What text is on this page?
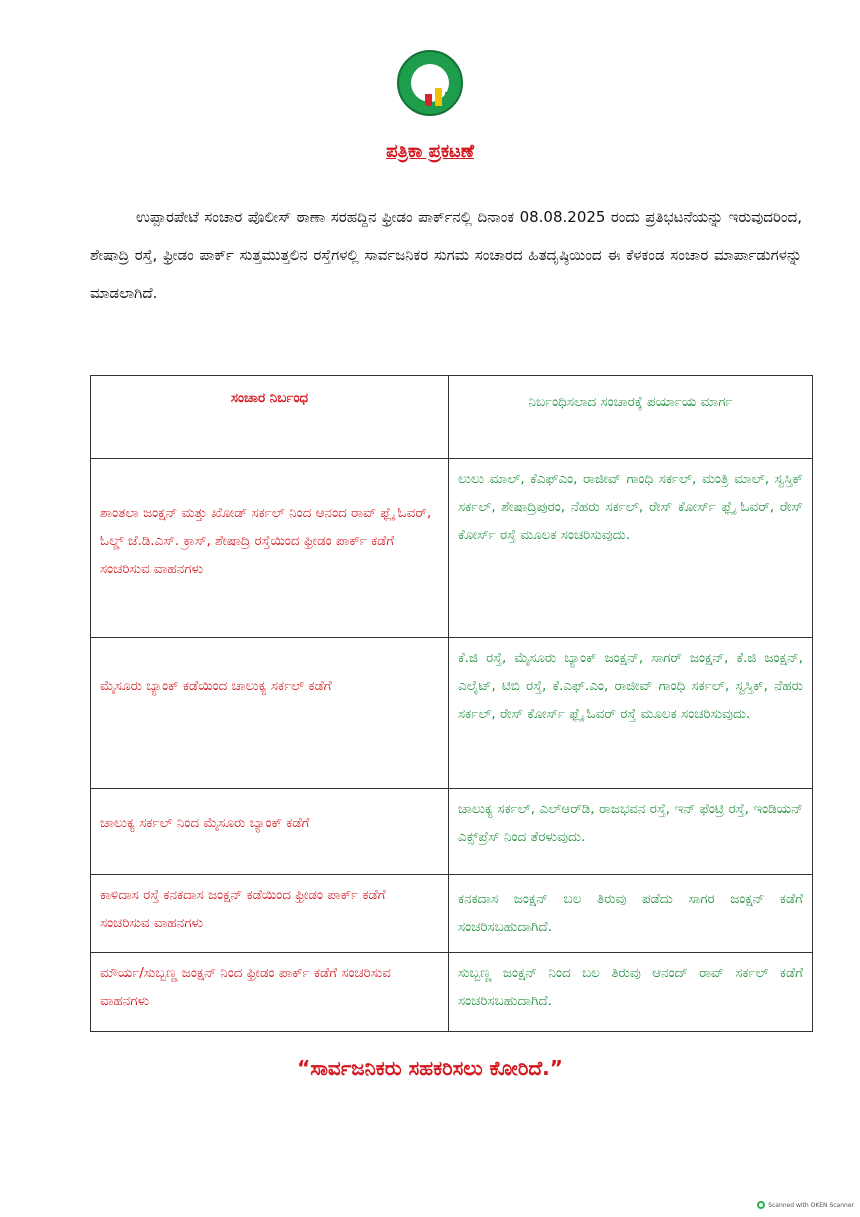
ಪತ್ರಿಕಾ ಪ್ರಕಟಣೆ

ಉಪ್ಪಾರಪೇಟೆ ಸಂಚಾರ ಪೊಲೀಸ್ ಠಾಣಾ ಸರಹದ್ದಿನ ಫ್ರೀಡಂ ಪಾರ್ಕ್‌ನಲ್ಲಿ ದಿನಾಂಕ 08.08.2025 ರಂದು ಪ್ರತಿಭಟನೆಯನ್ನು ಇರುವುದರಿಂದ, ಶೇಷಾದ್ರಿ ರಸ್ತೆ, ಫ್ರೀಡಂ ಪಾರ್ಕ್ ಸುತ್ತಮುತ್ತಲಿನ ರಸ್ತೆಗಳಲ್ಲಿ ಸಾರ್ವಜನಿಕರ ಸುಗಮ ಸಂಚಾರದ ಹಿತದೃಷ್ಠಿಯಿಂದ ಈ ಕೆಳಕಂಡ ಸಂಚಾರ ಮಾರ್ಪಾಡುಗಳನ್ನು ಮಾಡಲಾಗಿದೆ.

ಸಂಚಾರ ನಿರ್ಬಂಧ	ನಿರ್ಬಂಧಿಸಲಾದ ಸಂಚಾರಕ್ಕೆ ಪರ್ಯಾಯ ಮಾರ್ಗ
ಶಾಂತಲಾ ಜಂಕ್ಷನ್ ಮತ್ತು ಖೋಡ್ ಸರ್ಕಲ್ ನಿಂದ ಆನಂದ ರಾವ್ ಫ್ಲೈ ಓವರ್, ಓಲ್ಡ್ ಜೆ.ಡಿ.ಎಸ್. ಕ್ರಾಸ್, ಶೇಷಾದ್ರಿ ರಸ್ತೆಯಿಂದ ಫ್ರೀಡಂ ಪಾರ್ಕ್ ಕಡೆಗೆ ಸಂಚರಿಸುವ ವಾಹನಗಳು	ಲುಲು ಮಾಲ್, ಕೆಎಫ್‌ಎಂ, ರಾಜೀವ್ ಗಾಂಧಿ ಸರ್ಕಲ್, ಮಂತ್ರಿ ಮಾಲ್, ಸ್ವಸ್ತಿಕ್ ಸರ್ಕಲ್, ಶೇಷಾದ್ರಿಪುರಂ, ನೆಹರು ಸರ್ಕಲ್, ರೇಸ್ ಕೋರ್ಸ್ ಫ್ಲೈ ಓವರ್, ರೇಸ್ ಕೋರ್ಸ್ ರಸ್ತೆ ಮೂಲಕ ಸಂಚರಿಸುವುದು.
ಮೈಸೂರು ಬ್ಯಾಂಕ್ ಕಡೆಯಿಂದ ಚಾಲುಕ್ಯ ಸರ್ಕಲ್ ಕಡೆಗೆ	ಕೆ.ಜಿ ರಸ್ತೆ, ಮೈಸೂರು ಬ್ಯಾಂಕ್ ಜಂಕ್ಷನ್, ಸಾಗರ್ ಜಂಕ್ಷನ್, ಕೆ.ಜಿ ಜಂಕ್ಷನ್, ಎಲೈಟ್, ಟಿಬಿ ರಸ್ತೆ, ಕೆ.ಎಫ್.ಎಂ, ರಾಜೀವ್ ಗಾಂಧಿ ಸರ್ಕಲ್, ಸ್ವಸ್ತಿಕ್, ನೆಹರು ಸರ್ಕಲ್, ರೇಸ್ ಕೋರ್ಸ್ ಫ್ಲೈ ಓವರ್ ರಸ್ತೆ ಮೂಲಕ ಸಂಚರಿಸುವುದು.
ಚಾಲುಕ್ಯ ಸರ್ಕಲ್ ನಿಂದ ಮೈಸೂರು ಬ್ಯಾಂಕ್ ಕಡೆಗೆ	ಚಾಲುಕ್ಯ ಸರ್ಕಲ್, ಎಲ್‌ಆರ್‌ಡಿ, ರಾಜಭವನ ರಸ್ತೆ, ಇನ್ ಫೆಂಟ್ರಿ ರಸ್ತೆ, ಇಂಡಿಯನ್ ಎಕ್ಸ್‌ಪ್ರೆಸ್ ನಿಂದ ತೆರಳುವುದು.
ಕಾಳಿದಾಸ ರಸ್ತೆ ಕನಕದಾಸ ಜಂಕ್ಷನ್ ಕಡೆಯಿಂದ ಫ್ರೀಡಂ ಪಾರ್ಕ್ ಕಡೆಗೆ ಸಂಚರಿಸುವ ವಾಹನಗಳು	ಕನಕದಾಸ ಜಂಕ್ಷನ್ ಬಲ ತಿರುವು ಪಡೆದು ಸಾಗರ ಜಂಕ್ಷನ್ ಕಡೆಗೆ ಸಂಚರಿಸಬಹುದಾಗಿದೆ.
ಮೌರ್ಯ/ಸುಬ್ಬಣ್ಣ ಜಂಕ್ಷನ್ ನಿಂದ ಫ್ರೀಡಂ ಪಾರ್ಕ್ ಕಡೆಗೆ ಸಂಚರಿಸುವ ವಾಹನಗಳು	ಸುಬ್ಬಣ್ಣ ಜಂಕ್ಷನ್ ನಿಂದ ಬಲ ತಿರುವು ಆನಂದ್ ರಾವ್ ಸರ್ಕಲ್ ಕಡೆಗೆ ಸಂಚರಿಸಬಹುದಾಗಿದೆ.
“ಸಾರ್ವಜನಿಕರು ಸಹಕರಿಸಲು ಕೋರಿದೆ.”
Scanned with OKEN Scanner
